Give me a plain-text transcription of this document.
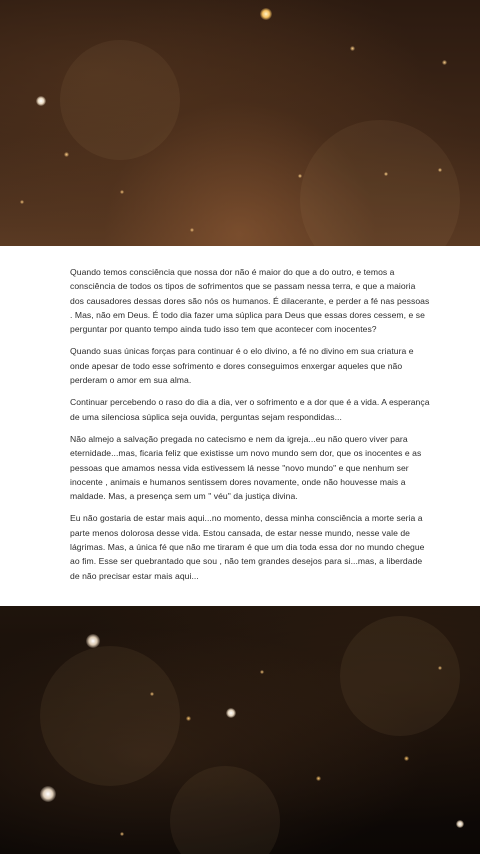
Quando temos consciência que nossa dor não é maior do que a do outro, e temos a consciência de todos os tipos de sofrimentos que se passam nessa terra, e que a maioria dos causadores dessas dores são nós os humanos. É dilacerante, e perder a fé nas pessoas . Mas, não em Deus. É todo dia fazer uma súplica para Deus que essas dores cessem, e se perguntar por quanto tempo ainda tudo isso tem que acontecer com inocentes?

Quando suas únicas forças para continuar é o elo divino, a fé no divino em sua criatura e onde apesar de todo esse sofrimento e dores conseguimos enxergar aqueles que não perderam o amor em sua alma.

Continuar percebendo o raso do dia a dia, ver o sofrimento e a dor que é a vida. A esperança de uma silenciosa súplica seja ouvida, perguntas sejam respondidas...

Não almejo a salvação pregada no catecismo e nem da igreja...eu não quero viver para eternidade...mas, ficaria feliz que existisse um novo mundo sem dor, que os inocentes e as pessoas que amamos nessa vida estivessem lá nesse "novo mundo" e que nenhum ser inocente , animais e humanos sentissem dores novamente, onde não houvesse mais a maldade. Mas, a presença sem um " véu" da justiça divina.

Eu não gostaria de estar mais aqui...no momento, dessa minha consciência a morte seria a parte menos dolorosa desse vida. Estou cansada, de estar nesse mundo, nesse vale de lágrimas. Mas, a única fé que não me tiraram é que um dia toda essa dor no mundo chegue ao fim. Esse ser quebrantado que sou , não tem grandes desejos para si...mas, a liberdade de não precisar estar mais aqui...
